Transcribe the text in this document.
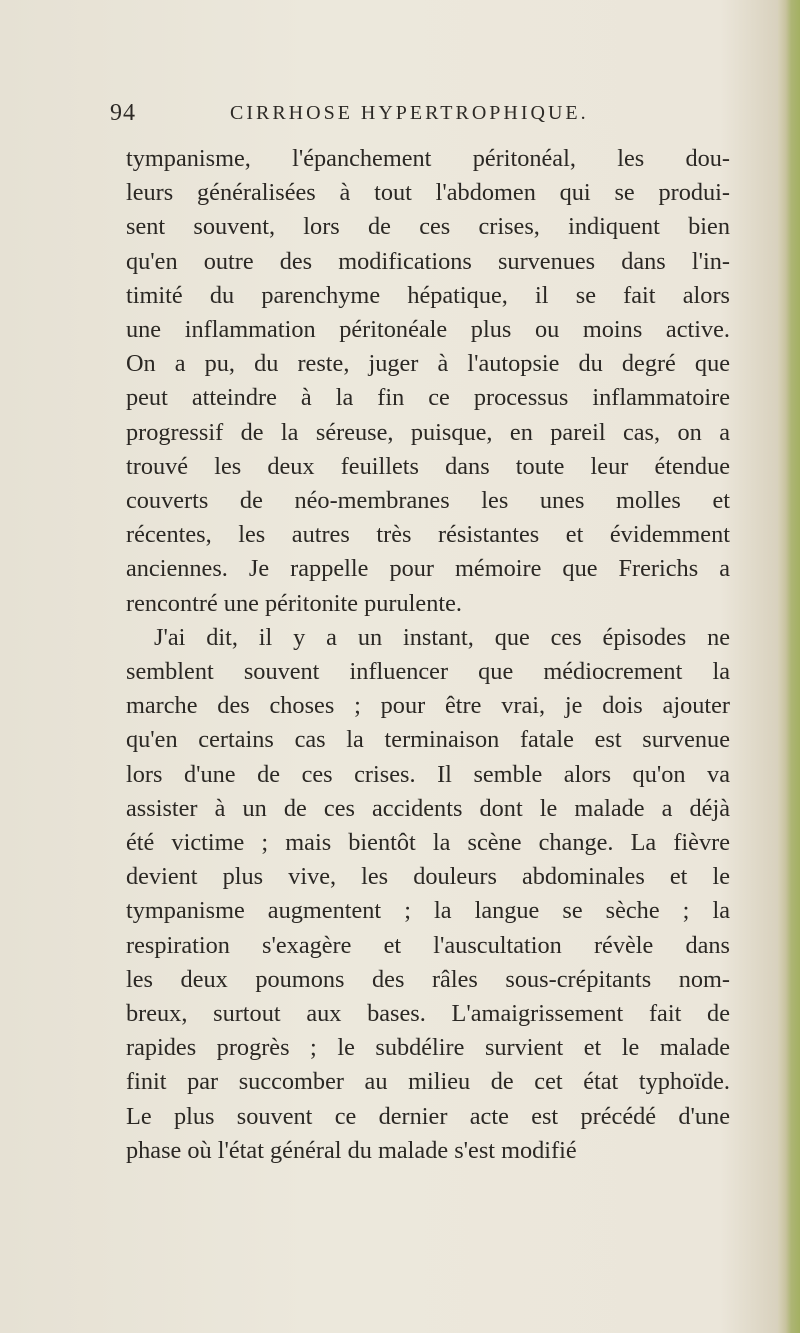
94	CIRRHOSE HYPERTROPHIQUE.
tympanisme, l'épanchement péritonéal, les dou-
leurs généralisées à tout l'abdomen qui se produi-
sent souvent, lors de ces crises, indiquent bien
qu'en outre des modifications survenues dans l'in-
timité du parenchyme hépatique, il se fait alors
une inflammation péritonéale plus ou moins active.
On a pu, du reste, juger à l'autopsie du degré que
peut atteindre à la fin ce processus inflammatoire
progressif de la séreuse, puisque, en pareil cas, on a
trouvé les deux feuillets dans toute leur étendue
couverts de néo-membranes les unes molles et
récentes, les autres très résistantes et évidemment
anciennes. Je rappelle pour mémoire que Frerichs a
rencontré une péritonite purulente.
J'ai dit, il y a un instant, que ces épisodes ne
semblent souvent influencer que médiocrement la
marche des choses ; pour être vrai, je dois ajouter
qu'en certains cas la terminaison fatale est survenue
lors d'une de ces crises. Il semble alors qu'on va
assister à un de ces accidents dont le malade a déjà
été victime ; mais bientôt la scène change. La fièvre
devient plus vive, les douleurs abdominales et le
tympanisme augmentent ; la langue se sèche ; la
respiration s'exagère et l'auscultation révèle dans
les deux poumons des râles sous-crépitants nom-
breux, surtout aux bases. L'amaigrissement fait de
rapides progrès ; le subdélire survient et le malade
finit par succomber au milieu de cet état typhoïde.
Le plus souvent ce dernier acte est précédé d'une
phase où l'état général du malade s'est modifié
